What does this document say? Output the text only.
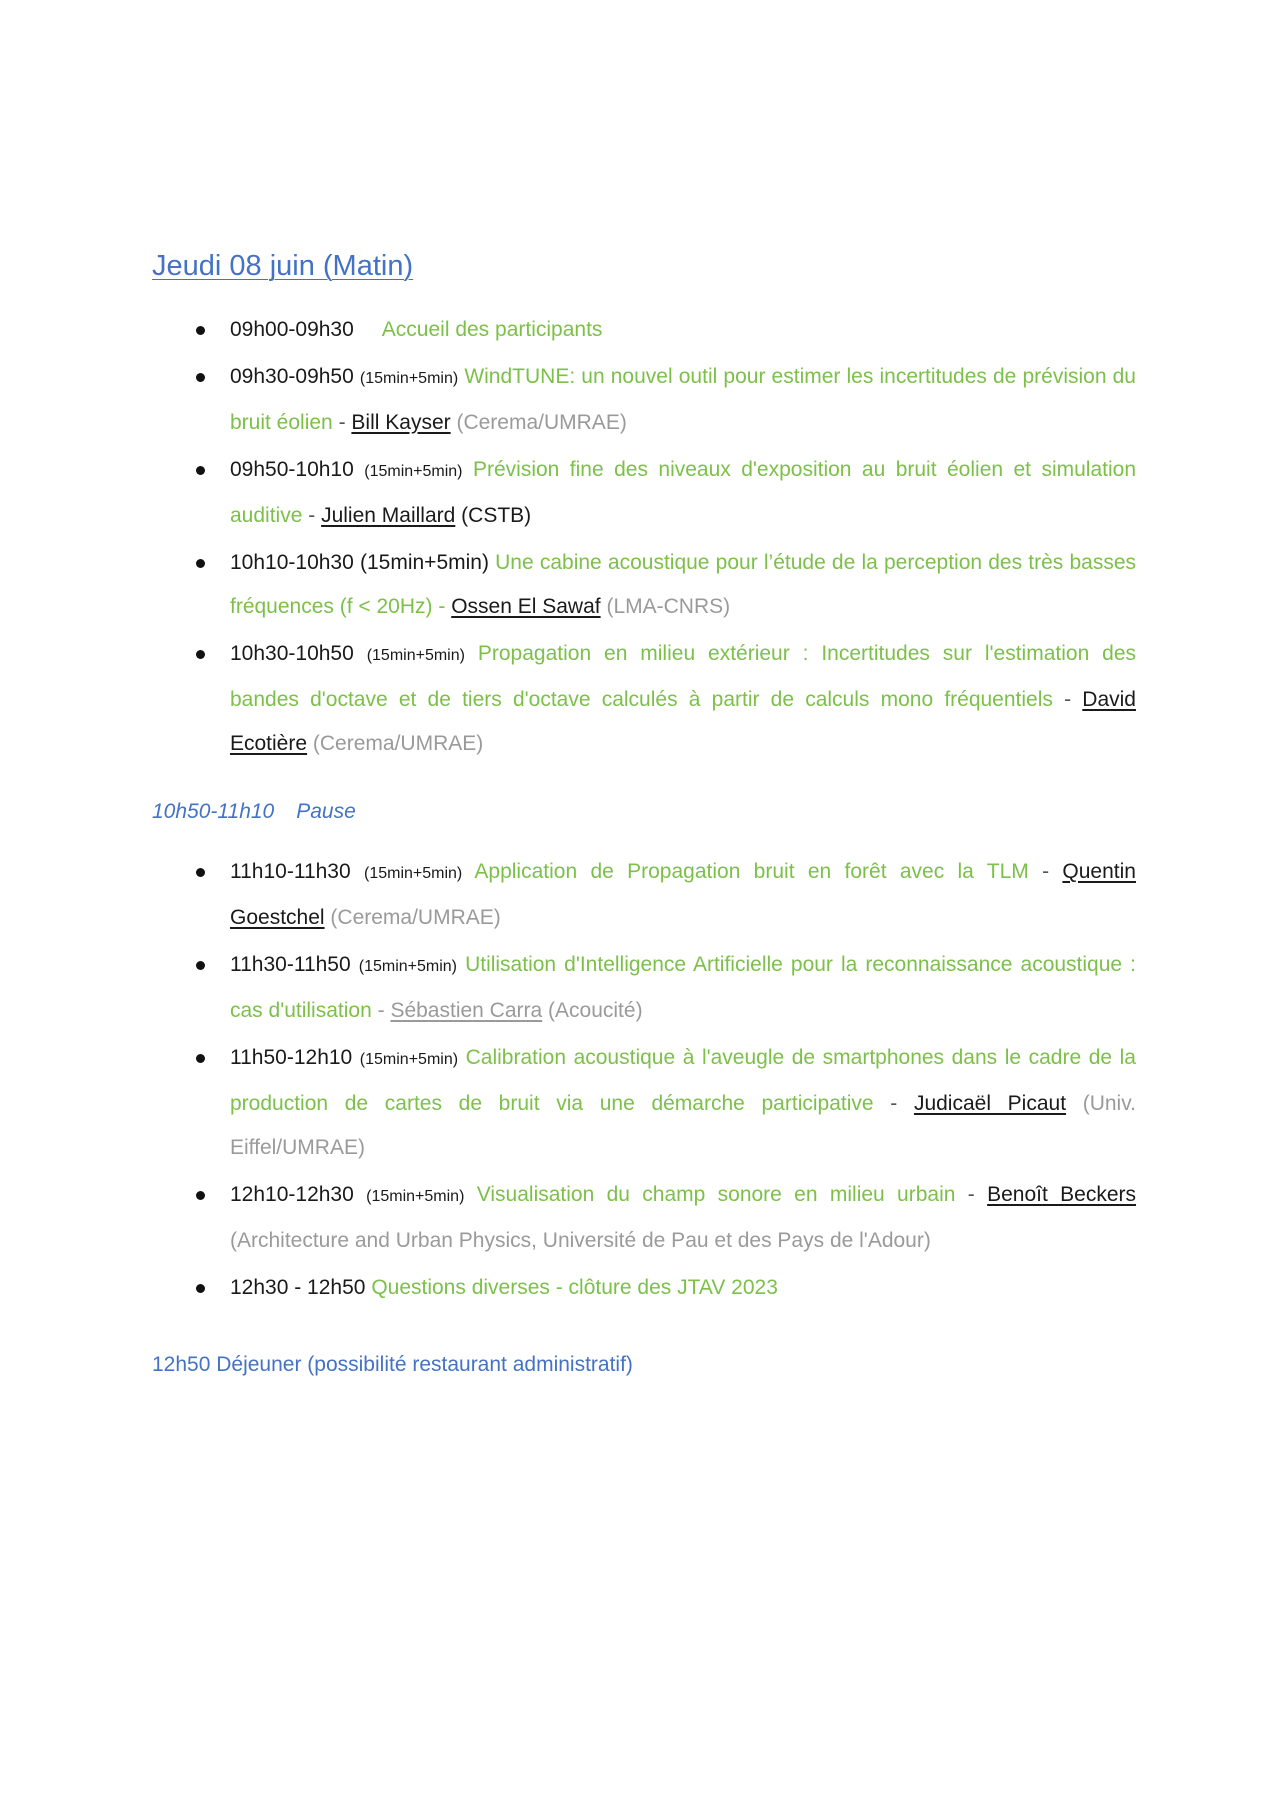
Jeudi 08 juin (Matin)
09h00-09h30 Accueil des participants
09h30-09h50 (15min+5min) WindTUNE: un nouvel outil pour estimer les incertitudes de prévision du bruit éolien - Bill Kayser (Cerema/UMRAE)
09h50-10h10 (15min+5min) Prévision fine des niveaux d'exposition au bruit éolien et simulation auditive - Julien Maillard (CSTB)
10h10-10h30 (15min+5min) Une cabine acoustique pour l’étude de la perception des très basses fréquences (f < 20Hz) - Ossen El Sawaf (LMA-CNRS)
10h30-10h50 (15min+5min) Propagation en milieu extérieur : Incertitudes sur l'estimation des bandes d'octave et de tiers d'octave calculés à partir de calculs mono fréquentiels - David Ecotière (Cerema/UMRAE)
10h50-11h10 Pause
11h10-11h30 (15min+5min) Application de Propagation bruit en forêt avec la TLM - Quentin Goestchel (Cerema/UMRAE)
11h30-11h50 (15min+5min) Utilisation d'Intelligence Artificielle pour la reconnaissance acoustique : cas d'utilisation - Sébastien Carra (Acoucité)
11h50-12h10 (15min+5min) Calibration acoustique à l'aveugle de smartphones dans le cadre de la production de cartes de bruit via une démarche participative - Judicaël Picaut (Univ. Eiffel/UMRAE)
12h10-12h30 (15min+5min) Visualisation du champ sonore en milieu urbain - Benoît Beckers (Architecture and Urban Physics, Université de Pau et des Pays de l'Adour)
12h30 - 12h50 Questions diverses - clôture des JTAV 2023
12h50 Déjeuner (possibilité restaurant administratif)
